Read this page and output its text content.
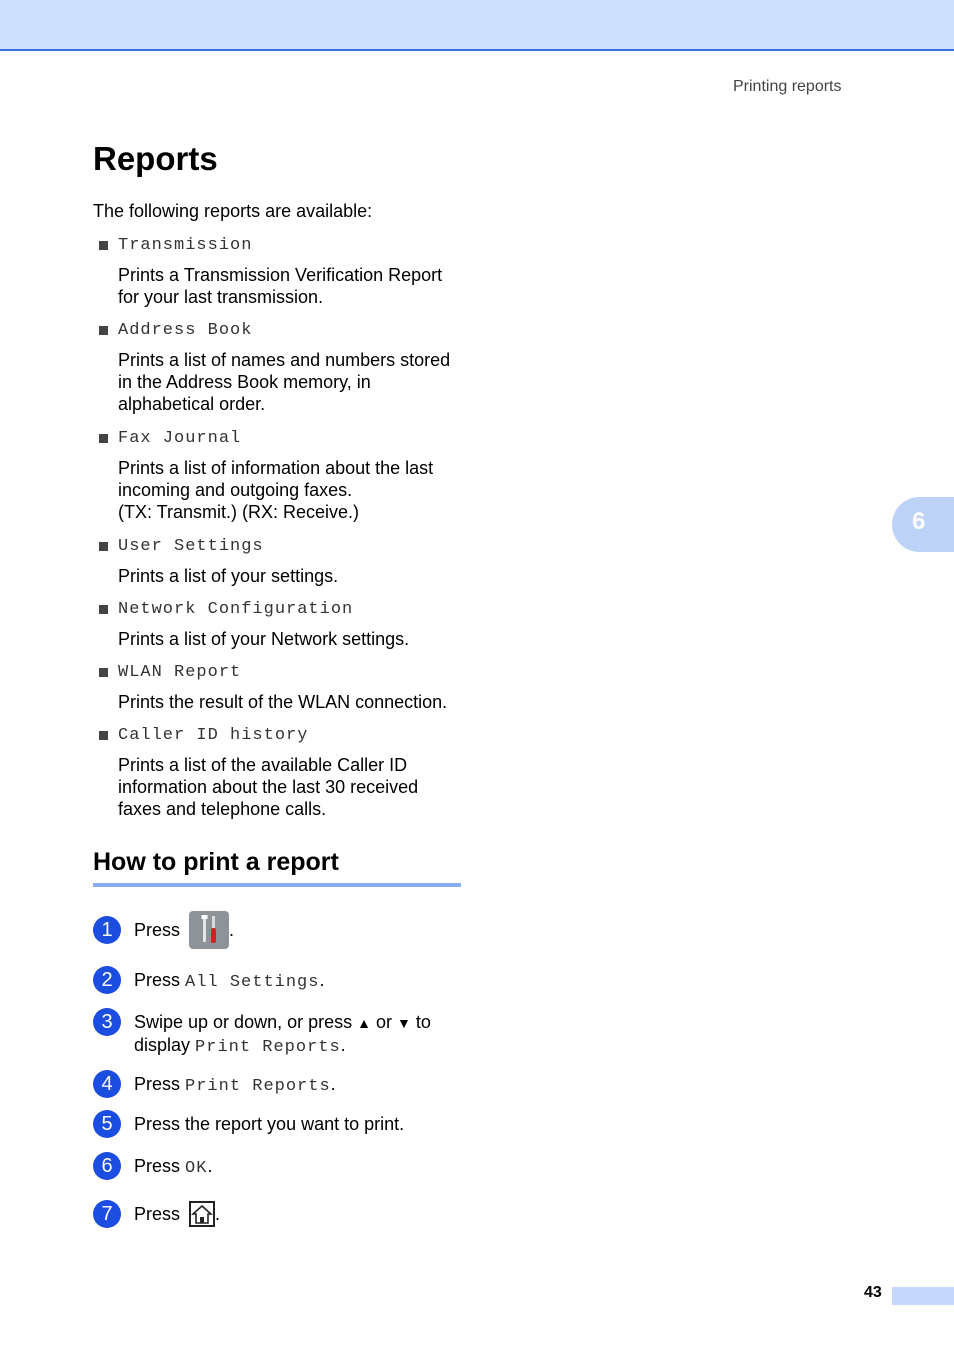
Printing reports
6
Reports

The following reports are available:

Transmission
Prints a Transmission Verification Report
for your last transmission.
Address Book
Prints a list of names and numbers stored
in the Address Book memory, in
alphabetical order.
Fax Journal
Prints a list of information about the last
incoming and outgoing faxes.
(TX: Transmit.) (RX: Receive.)
User Settings
Prints a list of your settings.
Network Configuration
Prints a list of your Network settings.
WLAN Report
Prints the result of the WLAN connection.
Caller ID history
Prints a list of the available Caller ID
information about the last 30 received
faxes and telephone calls.
How to print a report
1	Press	.
2	Press All Settings.
3	Swipe up or down, or press ▲ or ▼ to
display Print Reports.
4	Press Print Reports.
5	Press the report you want to print.
6	Press OK.
7	Press .
43
